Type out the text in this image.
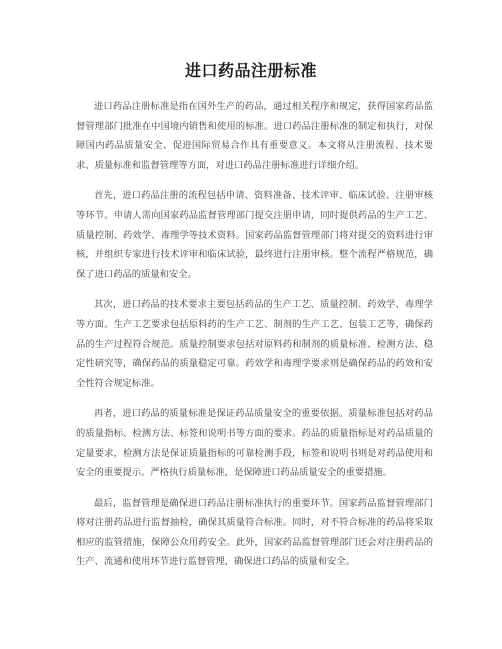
进口药品注册标准

进口药品注册标准是指在国外生产的药品，通过相关程序和规定，获得国家药品监督管理部门批准在中国境内销售和使用的标准。进口药品注册标准的制定和执行，对保障国内药品质量安全、促进国际贸易合作具有重要意义。本文将从注册流程、技术要求、质量标准和监督管理等方面，对进口药品注册标准进行详细介绍。

首先，进口药品注册的流程包括申请、资料准备、技术评审、临床试验、注册审核等环节。申请人需向国家药品监督管理部门提交注册申请，同时提供药品的生产工艺、质量控制、药效学、毒理学等技术资料。国家药品监督管理部门将对提交的资料进行审核，并组织专家进行技术评审和临床试验，最终进行注册审核。整个流程严格规范，确保了进口药品的质量和安全。

其次，进口药品的技术要求主要包括药品的生产工艺、质量控制、药效学、毒理学等方面。生产工艺要求包括原料药的生产工艺、制剂的生产工艺、包装工艺等，确保药品的生产过程符合规范。质量控制要求包括对原料药和制剂的质量标准、检测方法、稳定性研究等，确保药品的质量稳定可靠。药效学和毒理学要求则是确保药品的药效和安全性符合规定标准。

再者，进口药品的质量标准是保证药品质量安全的重要依据。质量标准包括对药品的质量指标、检测方法、标签和说明书等方面的要求。药品的质量指标是对药品质量的定量要求，检测方法是保证质量指标的可靠检测手段，标签和说明书则是对药品使用和安全的重要提示。严格执行质量标准，是保障进口药品质量安全的重要措施。

最后，监督管理是确保进口药品注册标准执行的重要环节。国家药品监督管理部门将对注册药品进行监督抽检，确保其质量符合标准。同时，对不符合标准的药品将采取相应的监管措施，保障公众用药安全。此外，国家药品监督管理部门还会对注册药品的生产、流通和使用环节进行监督管理，确保进口药品的质量和安全。
